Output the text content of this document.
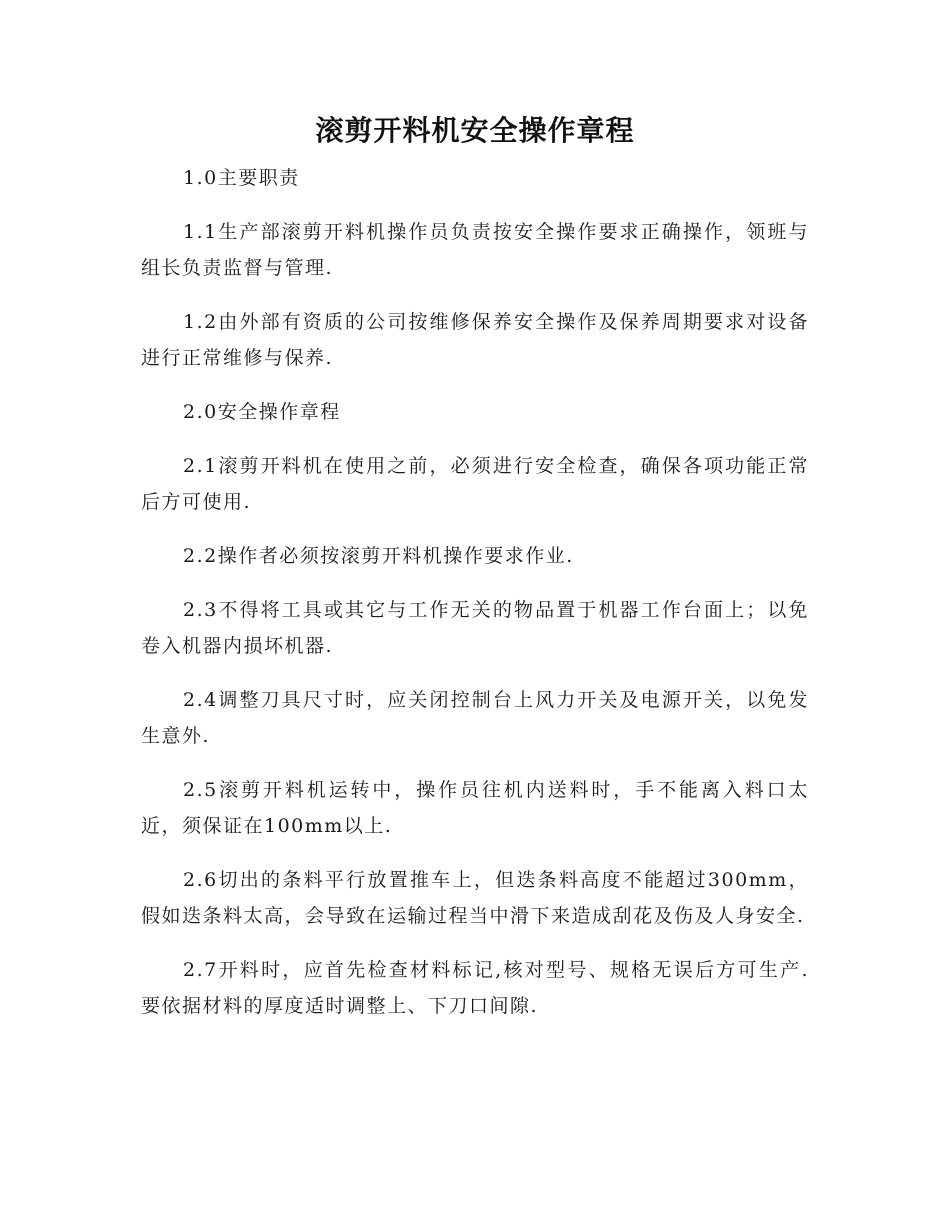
滚剪开料机安全操作章程

1.0主要职责

1.1生产部滚剪开料机操作员负责按安全操作要求正确操作，领班与组长负责监督与管理.

1.2由外部有资质的公司按维修保养安全操作及保养周期要求对设备进行正常维修与保养.

2.0安全操作章程

2.1滚剪开料机在使用之前，必须进行安全检查，确保各项功能正常后方可使用.

2.2操作者必须按滚剪开料机操作要求作业.

2.3不得将工具或其它与工作无关的物品置于机器工作台面上；以免卷入机器内损坏机器.

2.4调整刀具尺寸时，应关闭控制台上风力开关及电源开关，以免发生意外.

2.5滚剪开料机运转中，操作员往机内送料时，手不能离入料口太近，须保证在100mm以上.

2.6切出的条料平行放置推车上，但迭条料高度不能超过300mm，假如迭条料太高，会导致在运输过程当中滑下来造成刮花及伤及人身安全.

2.7开料时，应首先检查材料标记,核对型号、规格无误后方可生产. 要依据材料的厚度适时调整上、下刀口间隙.
